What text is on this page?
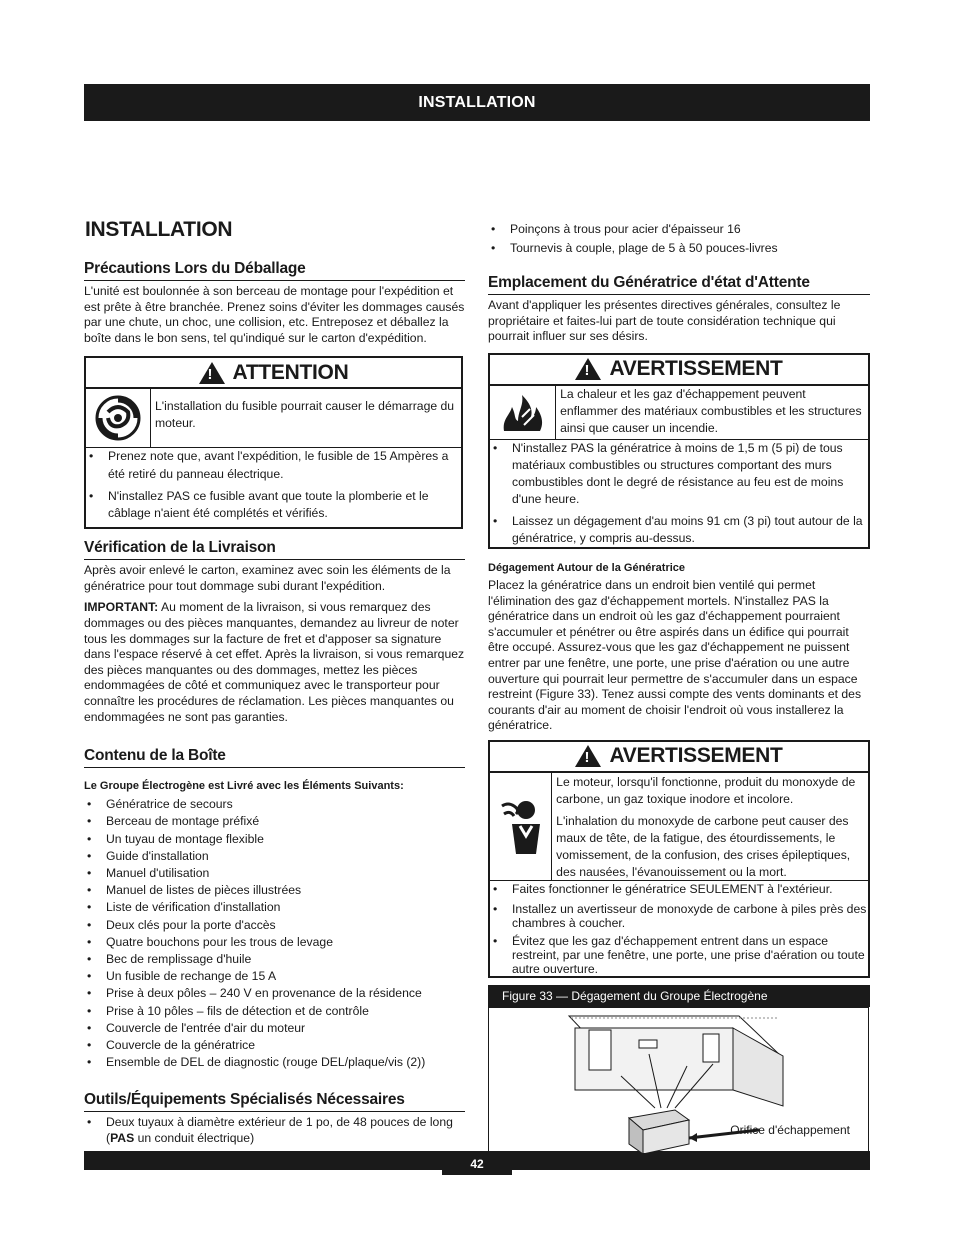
INSTALLATION
42
INSTALLATION
Précautions Lors du Déballage
L'unité est boulonnée à son berceau de montage pour l'expédition et est prête à être branchée. Prenez soins d'éviter les dommages causés par une chute, un choc, une collision, etc. Entreposez et déballez la boîte dans le bon sens, tel qu'indiqué sur le carton d'expédition.
!
ATTENTION
L'installation du fusible pourrait causer le démarrage du moteur.
• Prenez note que, avant l'expédition, le fusible de 15 Ampères a été retiré du panneau électrique.
• N'installez PAS ce fusible avant que toute la plomberie et le câblage n'aient été complétés et vérifiés.
Vérification de la Livraison
Après avoir enlevé le carton, examinez avec soin les éléments de la génératrice pour tout dommage subi durant l'expédition.
IMPORTANT: Au moment de la livraison, si vous remarquez des dommages ou des pièces manquantes, demandez au livreur de noter tous les dommages sur la facture de fret et d'apposer sa signature dans l'espace réservé à cet effet. Après la livraison, si vous remarquez des pièces manquantes ou des dommages, mettez les pièces endommagées de côté et communiquez avec le transporteur pour connaître les procédures de réclamation. Les pièces manquantes ou endommagées ne sont pas garanties.
Contenu de la Boîte
Le Groupe Électrogène est Livré avec les Éléments Suivants:
• Génératrice de secours
• Berceau de montage préfixé
• Un tuyau de montage flexible
• Guide d'installation
• Manuel d'utilisation
• Manuel de listes de pièces illustrées
• Liste de vérification d'installation
• Deux clés pour la porte d'accès
• Quatre bouchons pour les trous de levage
• Bec de remplissage d'huile
• Un fusible de rechange de 15 A
• Prise à deux pôles – 240 V en provenance de la résidence
• Prise à 10 pôles – fils de détection et de contrôle
• Couvercle de l'entrée d'air du moteur
• Couvercle de la génératrice
• Ensemble de DEL de diagnostic (rouge DEL/plaque/vis (2))
Outils/Équipements Spécialisés Nécessaires
• Deux tuyaux à diamètre extérieur de 1 po, de 48 pouces de long (PAS un conduit électrique)
• Poinçons à trous pour acier d'épaisseur 16
• Tournevis à couple, plage de 5 à 50 pouces-livres
Emplacement du Génératrice d'état d'Attente
Avant d'appliquer les présentes directives générales, consultez le propriétaire et faites-lui part de toute considération technique qui pourrait influer sur ses désirs.
!
AVERTISSEMENT
La chaleur et les gaz d'échappement peuvent enflammer des matériaux combustibles et les structures ainsi que causer un incendie.
• N'installez PAS la génératrice à moins de 1,5 m (5 pi) de tous matériaux combustibles ou structures comportant des murs combustibles dont le degré de résistance au feu est de moins d'une heure.
• Laissez un dégagement d'au moins 91 cm (3 pi) tout autour de la génératrice, y compris au-dessus.
Dégagement Autour de la Génératrice
Placez la génératrice dans un endroit bien ventilé qui permet l'élimination des gaz d'échappement mortels. N'installez PAS la génératrice dans un endroit où les gaz d'échappement pourraient s'accumuler et pénétrer ou être aspirés dans un édifice qui pourrait être occupé. Assurez-vous que les gaz d'échappement ne puissent entrer par une fenêtre, une porte, une prise d'aération ou une autre ouverture qui pourrait leur permettre de s'accumuler dans un espace restreint (Figure 33). Tenez aussi compte des vents dominants et des courants d'air au moment de choisir l'endroit où vous installerez la génératrice.
!
AVERTISSEMENT
Le moteur, lorsqu'il fonctionne, produit du monoxyde de carbone, un gaz toxique inodore et incolore.
L'inhalation du monoxyde de carbone peut causer des maux de tête, de la fatigue, des étourdissements, le vomissement, de la confusion, des crises épileptiques, des nausées, l'évanouissement ou la mort.
• Faites fonctionner le génératrice SEULEMENT à l'extérieur.
• Installez un avertisseur de monoxyde de carbone à piles près des chambres à coucher.
• Évitez que les gaz d'échappement entrent dans un espace restreint, par une fenêtre, une porte, une prise d'aération ou toute autre ouverture.
Figure 33 — Dégagement du Groupe Électrogène
Orifice d'échappement
